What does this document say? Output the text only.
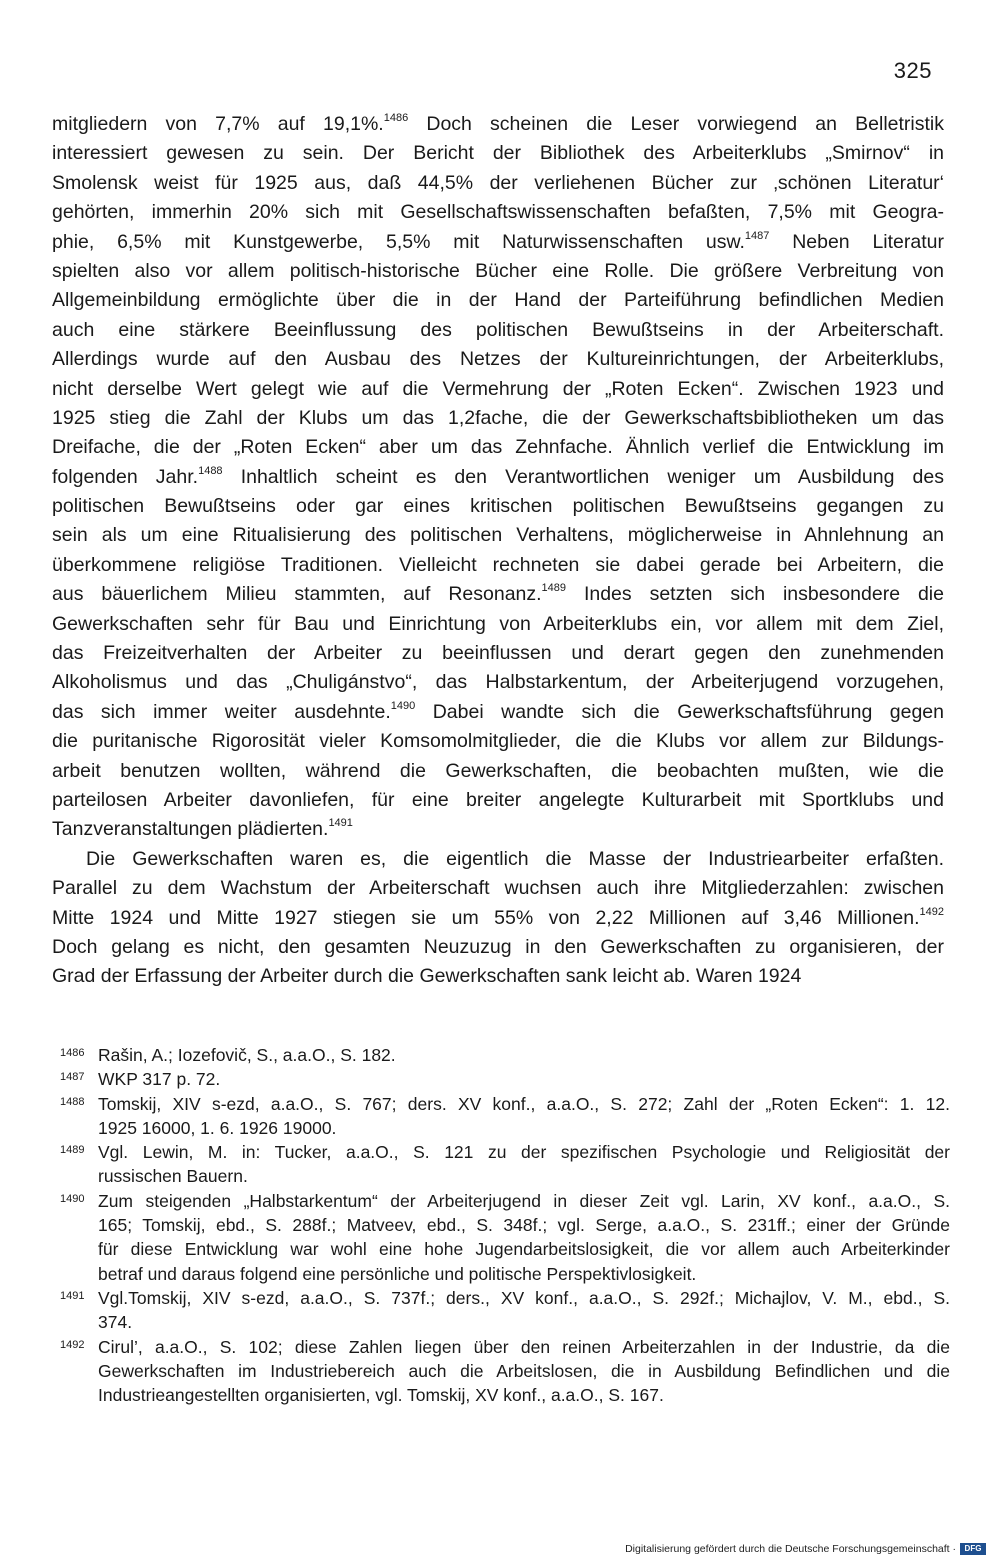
325
mitgliedern von 7,7% auf 19,1%.$^{1486}$ Doch scheinen die Leser vorwiegend an Belletristik
interessiert gewesen zu sein. Der Bericht der Bibliothek des Arbeiterklubs „Smirnov“ in
Smolensk weist für 1925 aus, daß 44,5% der verliehenen Bücher zur ‚schönen Literatur‘
gehörten, immerhin 20% sich mit Gesellschaftswissenschaften befaßten, 7,5% mit Geogra-
phie, 6,5% mit Kunstgewerbe, 5,5% mit Naturwissenschaften usw.$^{1487}$ Neben Literatur
spielten also vor allem politisch-historische Bücher eine Rolle. Die größere Verbreitung von
Allgemeinbildung ermöglichte über die in der Hand der Parteiführung befindlichen Medien
auch eine stärkere Beeinflussung des politischen Bewußtseins in der Arbeiterschaft.
Allerdings wurde auf den Ausbau des Netzes der Kultureinrichtungen, der Arbeiterklubs,
nicht derselbe Wert gelegt wie auf die Vermehrung der „Roten Ecken“. Zwischen 1923 und
1925 stieg die Zahl der Klubs um das 1,2fache, die der Gewerkschaftsbibliotheken um das
Dreifache, die der „Roten Ecken“ aber um das Zehnfache. Ähnlich verlief die Entwicklung im
folgenden Jahr.$^{1488}$ Inhaltlich scheint es den Verantwortlichen weniger um Ausbildung des
politischen Bewußtseins oder gar eines kritischen politischen Bewußtseins gegangen zu
sein als um eine Ritualisierung des politischen Verhaltens, möglicherweise in Ahnlehnung an
überkommene religiöse Traditionen. Vielleicht rechneten sie dabei gerade bei Arbeitern, die
aus bäuerlichem Milieu stammten, auf Resonanz.$^{1489}$ Indes setzten sich insbesondere die
Gewerkschaften sehr für Bau und Einrichtung von Arbeiterklubs ein, vor allem mit dem Ziel,
das Freizeitverhalten der Arbeiter zu beeinflussen und derart gegen den zunehmenden
Alkoholismus und das „Chuligánstvo“, das Halbstarkentum, der Arbeiterjugend vorzugehen,
das sich immer weiter ausdehnte.$^{1490}$ Dabei wandte sich die Gewerkschaftsführung gegen
die puritanische Rigorosität vieler Komsomolmitglieder, die die Klubs vor allem zur Bildungs-
arbeit benutzen wollten, während die Gewerkschaften, die beobachten mußten, wie die
parteilosen Arbeiter davonliefen, für eine breiter angelegte Kulturarbeit mit Sportklubs und
Tanzveranstaltungen plädierten.$^{1491}$
Die Gewerkschaften waren es, die eigentlich die Masse der Industriearbeiter erfaßten.
Parallel zu dem Wachstum der Arbeiterschaft wuchsen auch ihre Mitgliederzahlen: zwischen
Mitte 1924 und Mitte 1927 stiegen sie um 55% von 2,22 Millionen auf 3,46 Millionen.$^{1492}$
Doch gelang es nicht, den gesamten Neuzuzug in den Gewerkschaften zu organisieren, der
Grad der Erfassung der Arbeiter durch die Gewerkschaften sank leicht ab. Waren 1924
1486 Rašin, A.; Iozefovič, S., a.a.O., S. 182.
1487 WKP 317 p. 72.
1488 Tomskij, XIV s-ezd, a.a.O., S. 767; ders. XV konf., a.a.O., S. 272; Zahl der „Roten Ecken“: 1. 12.
1925 16000, 1. 6. 1926 19000.
1489 Vgl. Lewin, M. in: Tucker, a.a.O., S. 121 zu der spezifischen Psychologie und Religiosität der
russischen Bauern.
1490 Zum steigenden „Halbstarkentum“ der Arbeiterjugend in dieser Zeit vgl. Larin, XV konf., a.a.O., S.
165; Tomskij, ebd., S. 288f.; Matveev, ebd., S. 348f.; vgl. Serge, a.a.O., S. 231ff.; einer der Gründe
für diese Entwicklung war wohl eine hohe Jugendarbeitslosigkeit, die vor allem auch Arbeiterkinder
betraf und daraus folgend eine persönliche und politische Perspektivlosigkeit.
1491 Vgl.Tomskij, XIV s-ezd, a.a.O., S. 737f.; ders., XV konf., a.a.O., S. 292f.; Michajlov, V. M., ebd., S.
374.
1492 Cirul’, a.a.O., S. 102; diese Zahlen liegen über den reinen Arbeiterzahlen in der Industrie, da die
Gewerkschaften im Industriebereich auch die Arbeitslosen, die in Ausbildung Befindlichen und die
Industrieangestellten organisierten, vgl. Tomskij, XV konf., a.a.O., S. 167.
Digitalisierung gefördert durch die Deutsche Forschungsgemeinschaft ·	DFG
